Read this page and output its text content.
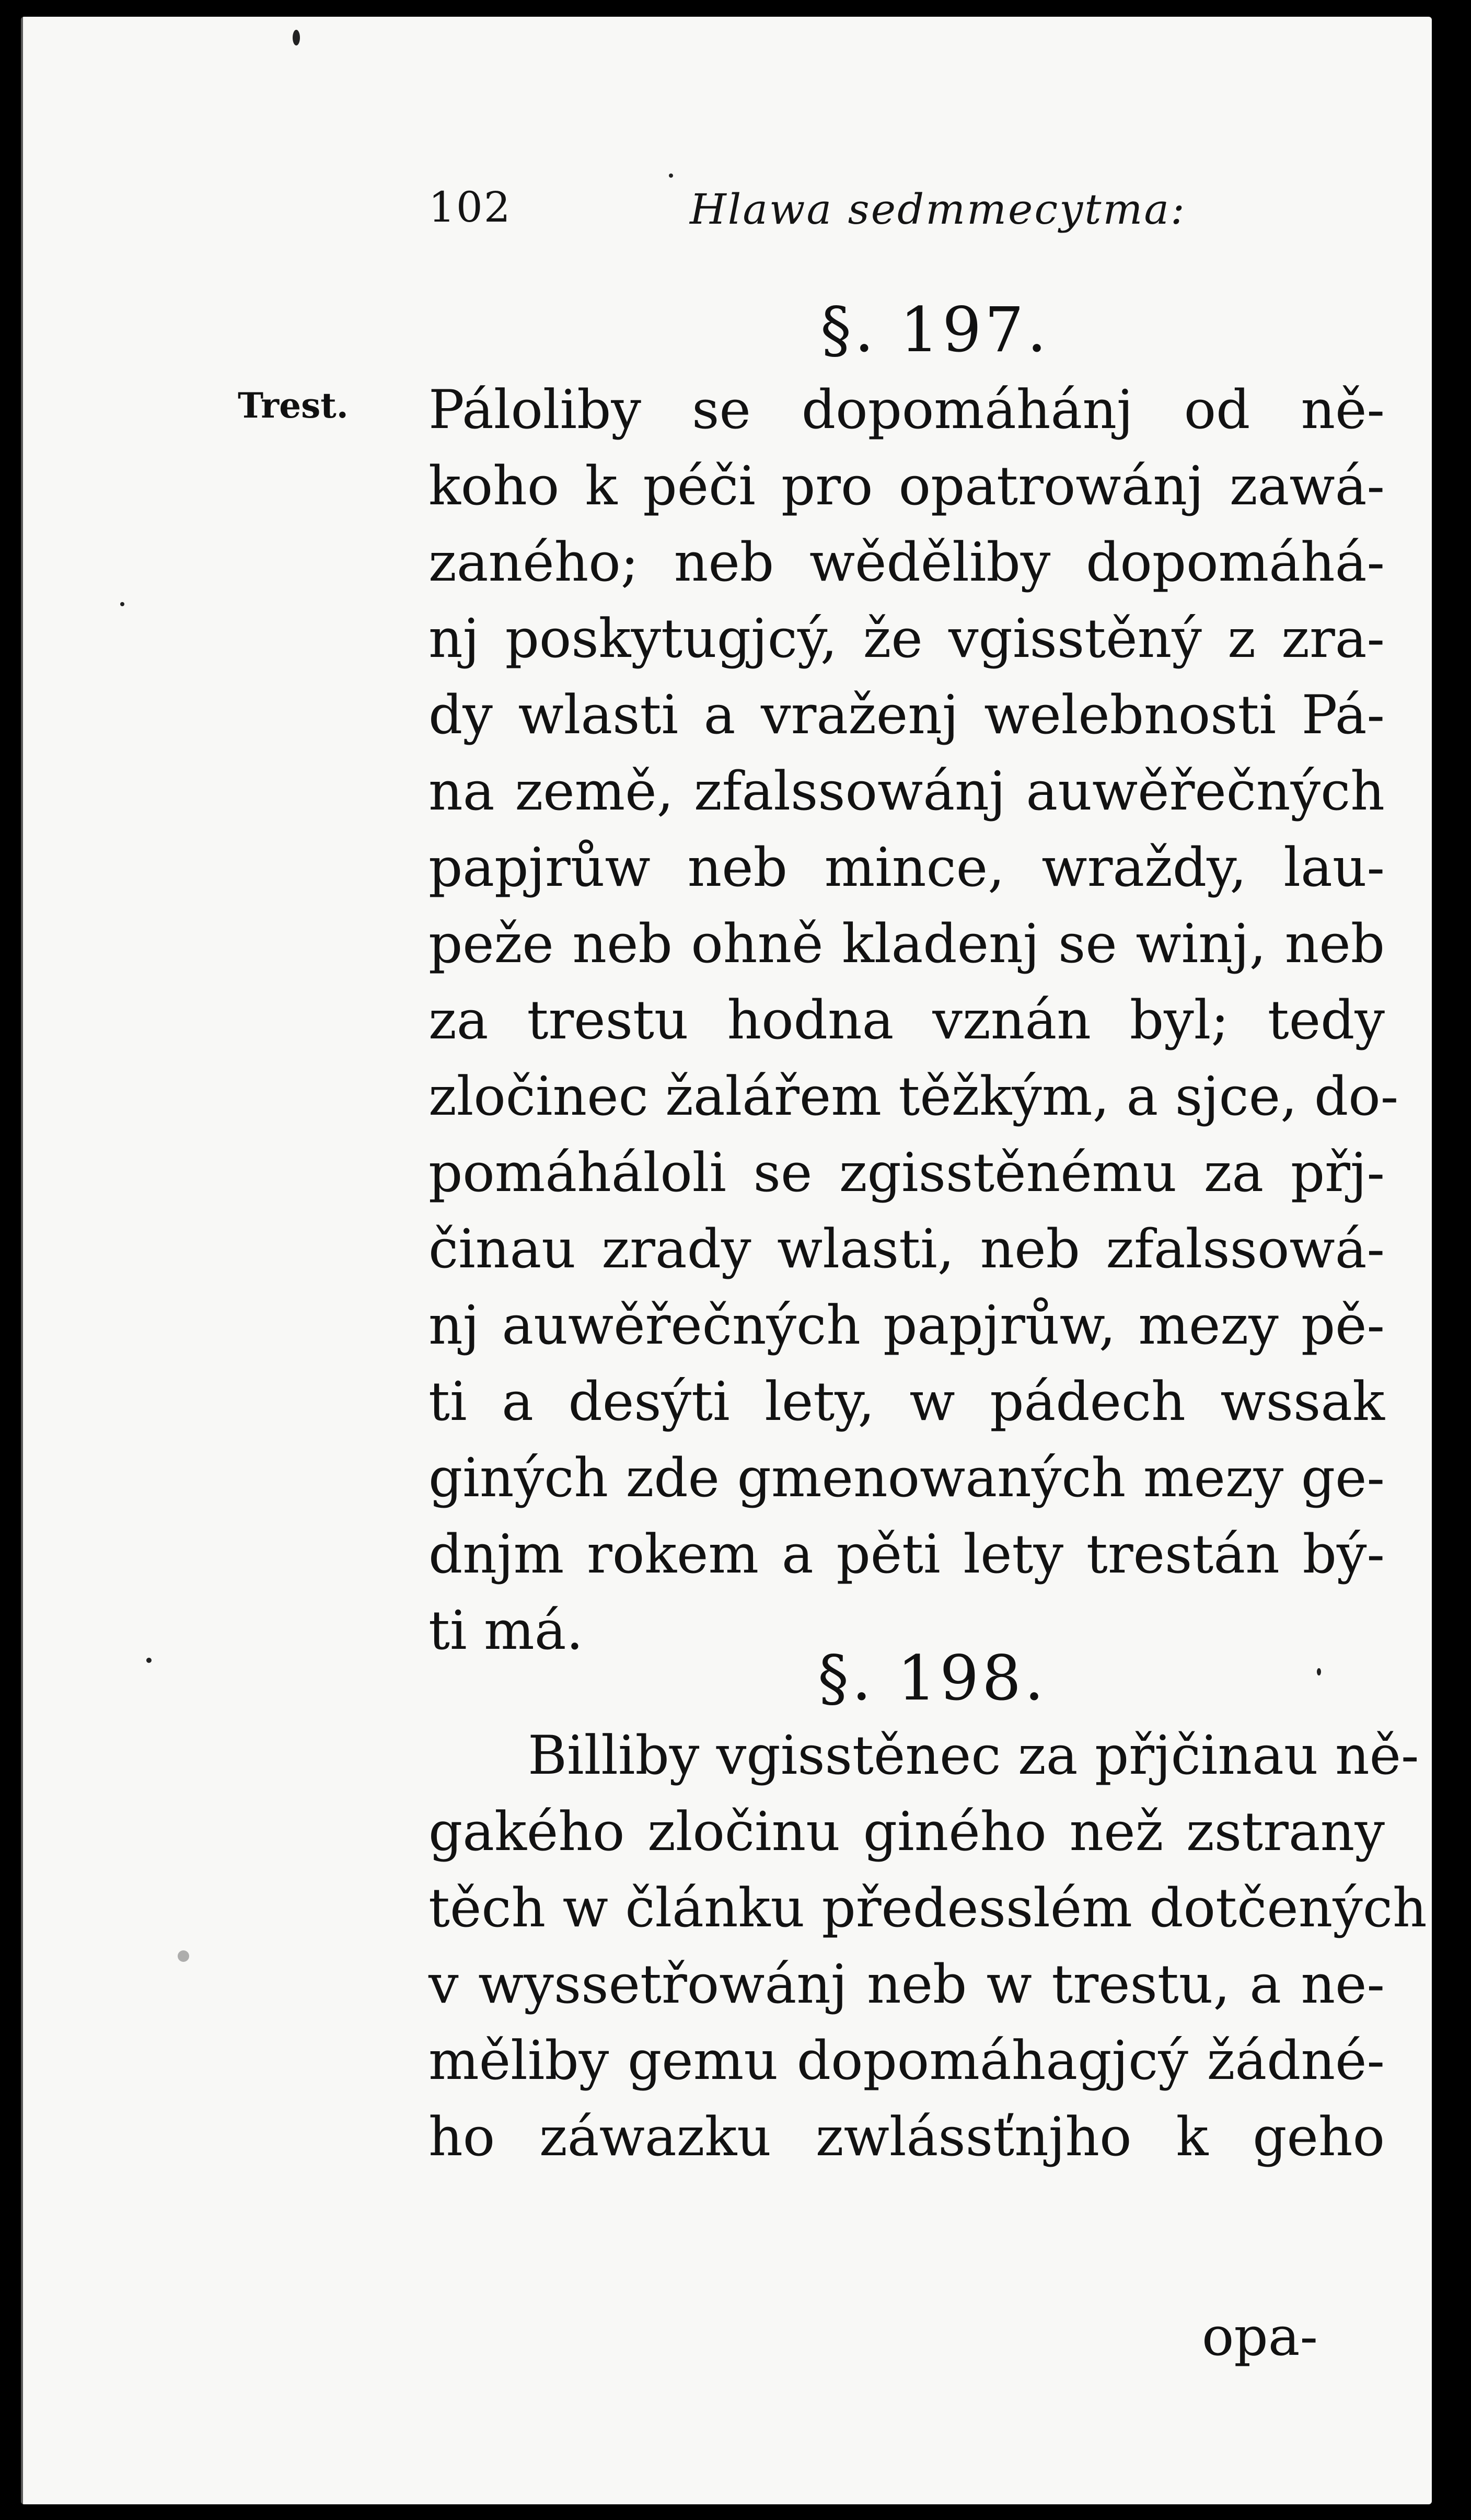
102	Hlawa sedmmecytma:
Trest.
§. 197.
Páloliby se dopomáhánj od ně-
koho k péči pro opatrowánj zawá-
zaného; neb wěděliby dopomáhá-
nj poskytugjcý, že vgisstěný z zra-
dy wlasti a vraženj welebnosti Pá-
na země, zfalssowánj auwěřečných
papjrůw neb mince, wraždy, lau-
peže neb ohně kladenj se winj, neb
za trestu hodna vznán byl; tedy
zločinec žalářem těžkým, a sjce, do-
pomáháloli se zgisstěnému za přj-
činau zrady wlasti, neb zfalssowá-
nj auwěřečných papjrůw, mezy pě-
ti a desýti lety, w pádech wssak
giných zde gmenowaných mezy ge-
dnjm rokem a pěti lety trestán bý-
ti má.
§. 198.
Billiby vgisstěnec za přjčinau ně-
gakého zločinu giného než zstrany
těch w článku předesslém dotčených
v wyssetřowánj neb w trestu, a ne-
měliby gemu dopomáhagjcý žádné-
ho záwazku zwlássťnjho k geho
opa-
